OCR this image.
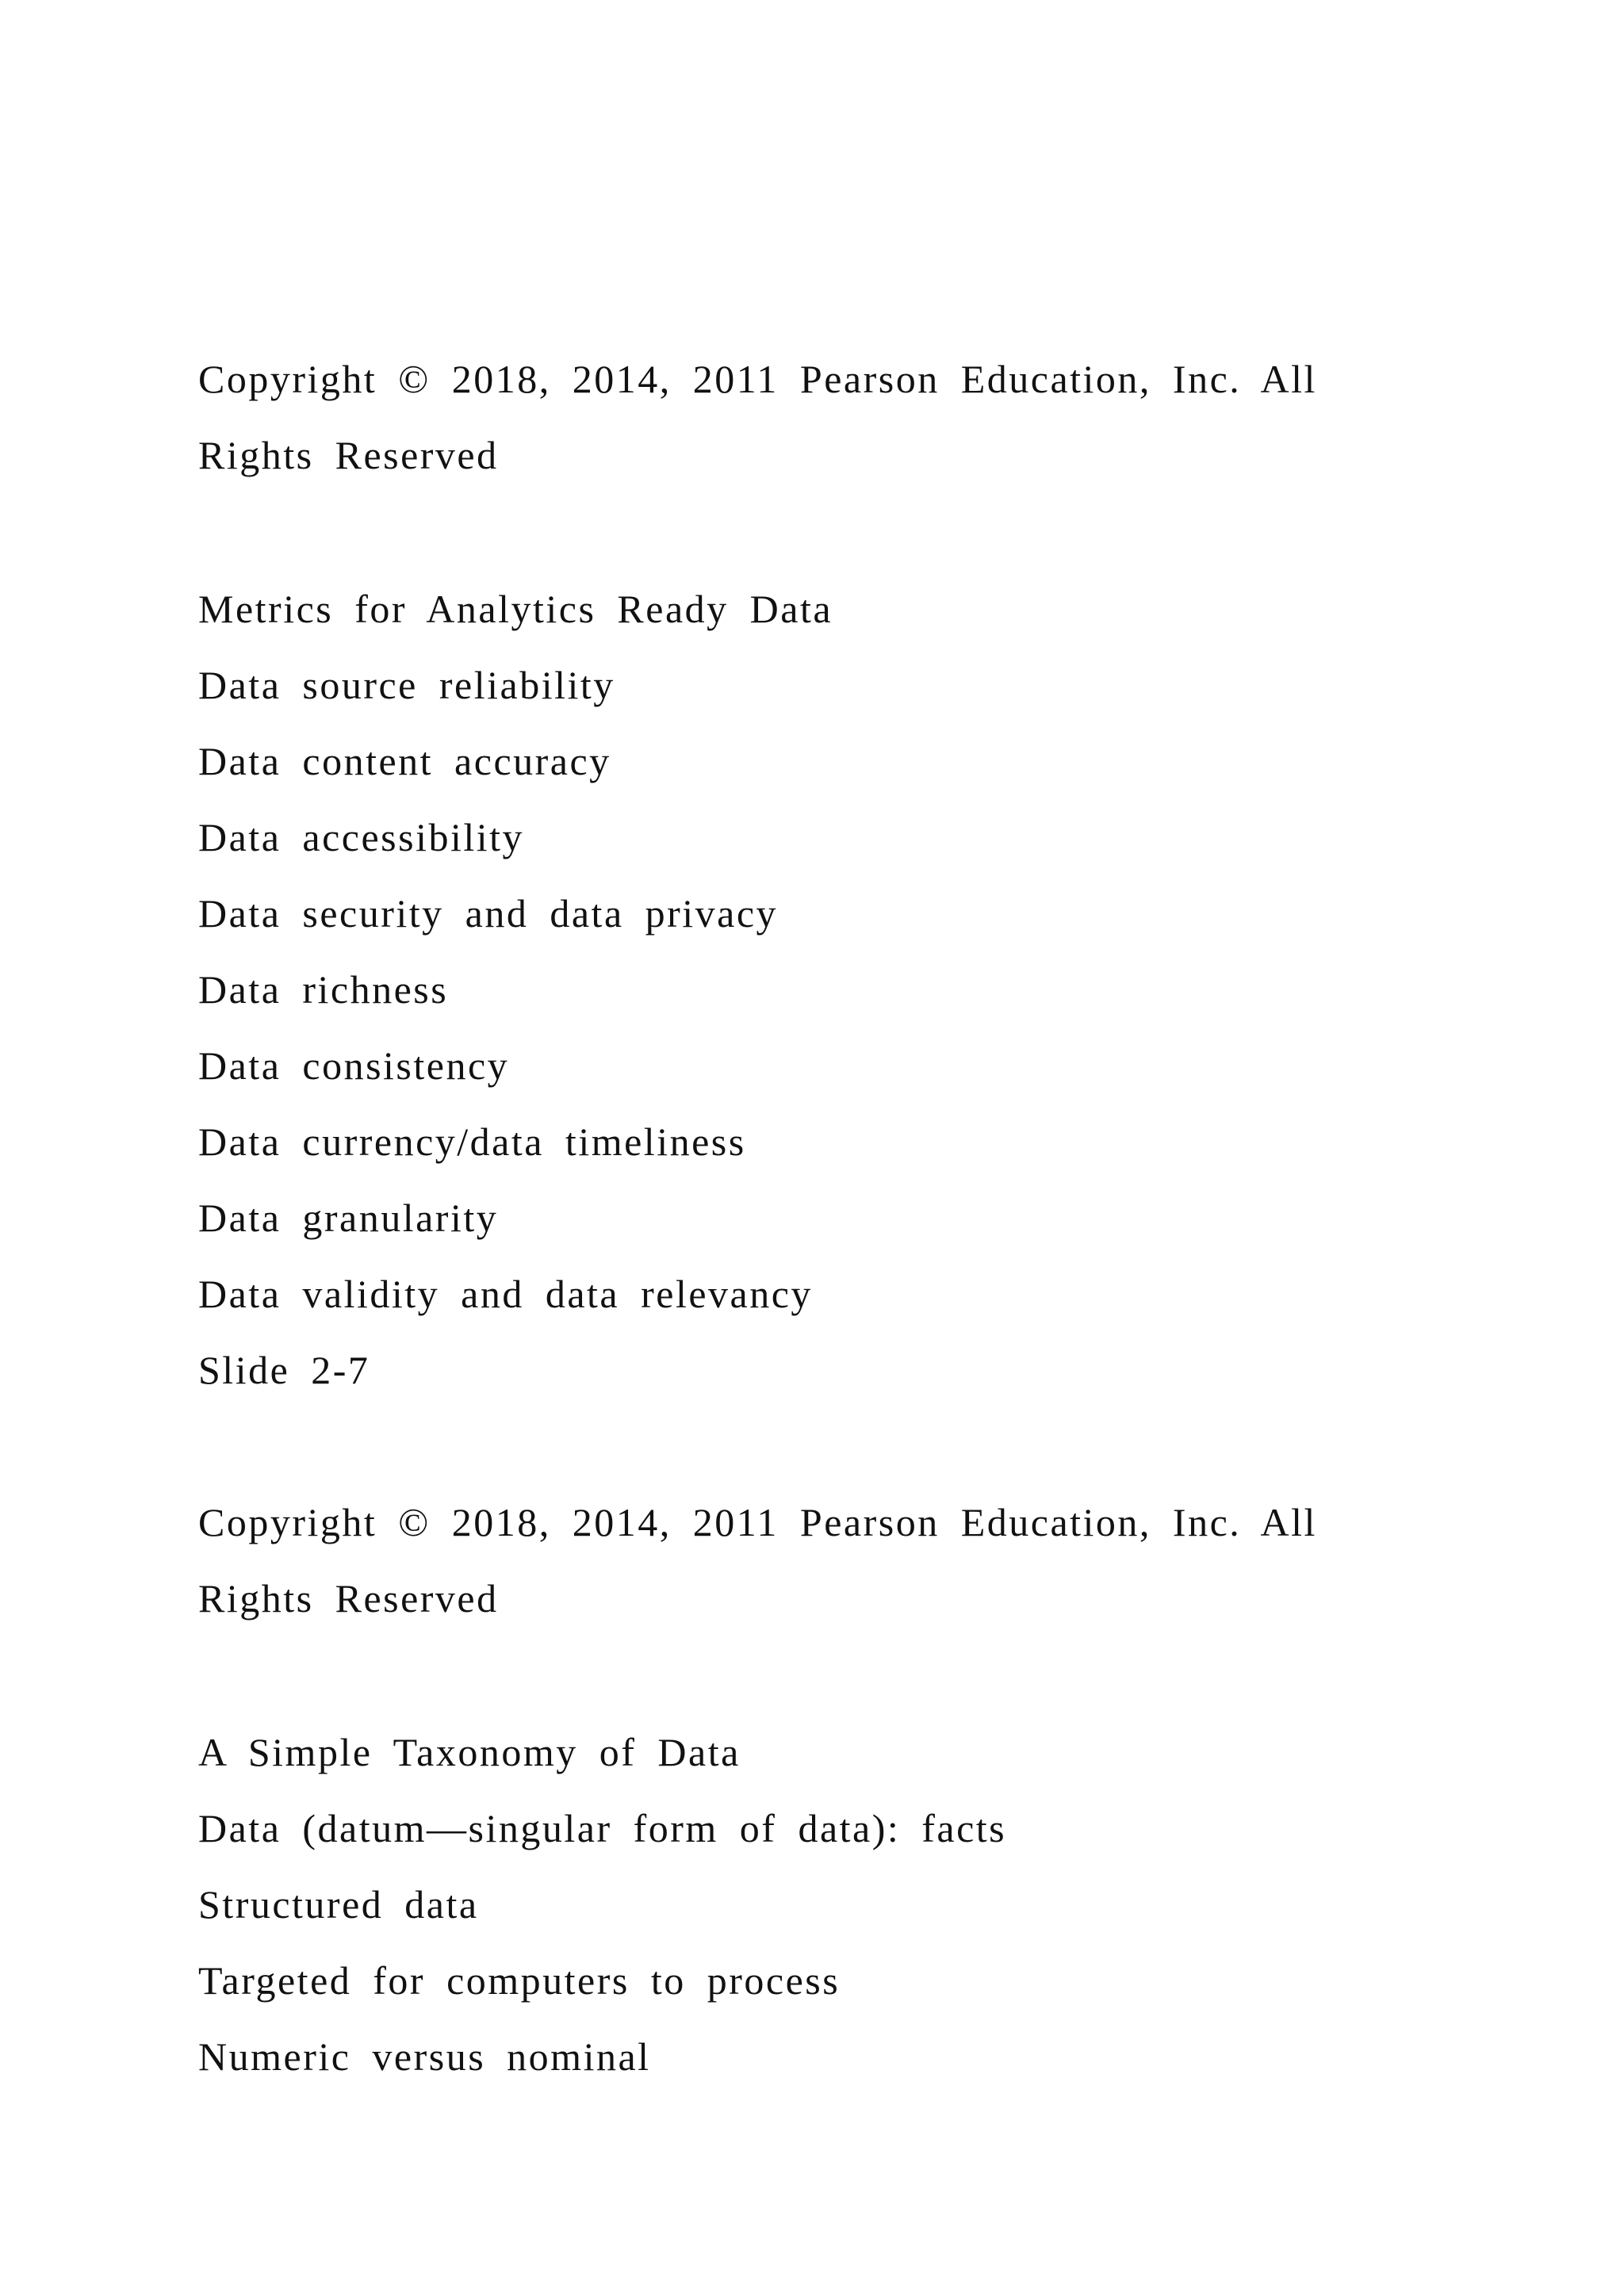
Copyright © 2018, 2014, 2011 Pearson Education, Inc. All

Rights Reserved

Metrics for Analytics Ready Data

Data source reliability

Data content accuracy

Data accessibility

Data security and data privacy

Data richness

Data consistency

Data currency/data timeliness

Data granularity

Data validity and data relevancy

Slide 2-7

Copyright © 2018, 2014, 2011 Pearson Education, Inc. All

Rights Reserved

A Simple Taxonomy of Data

Data (datum—singular form of data): facts

Structured data

Targeted for computers to process

Numeric versus nominal
